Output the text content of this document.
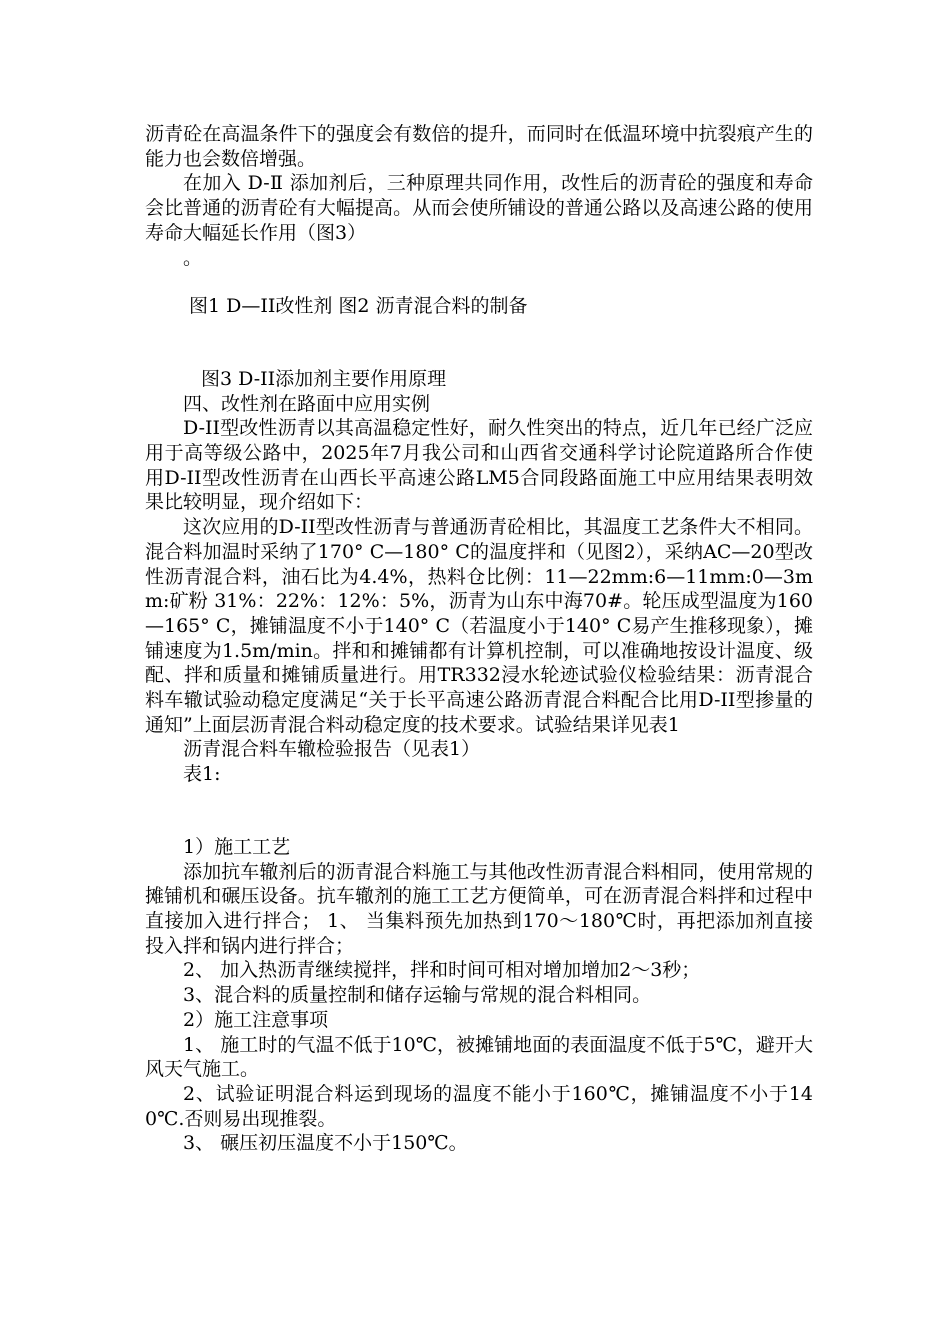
沥青砼在高温条件下的强度会有数倍的提升，而同时在低温环境中抗裂痕产生的能力也会数倍增强。

在加入 D-Ⅱ 添加剂后，三种原理共同作用，改性后的沥青砼的强度和寿命会比普通的沥青砼有大幅提高。从而会使所铺设的普通公路以及高速公路的使用寿命大幅延长作用（图3）

。

图1 D—II改性剂 图2 沥青混合料的制备

图3 D-II添加剂主要作用原理

四、改性剂在路面中应用实例

D-II型改性沥青以其高温稳定性好，耐久性突出的特点，近几年已经广泛应用于高等级公路中，2025年7月我公司和山西省交通科学讨论院道路所合作使用D-II型改性沥青在山西长平高速公路LM5合同段路面施工中应用结果表明效果比较明显，现介绍如下：

这次应用的D-II型改性沥青与普通沥青砼相比，其温度工艺条件大不相同。混合料加温时采纳了170° C—180° C的温度拌和（见图2），采纳AC—20型改性沥青混合料，油石比为4.4%，热料仓比例：11—22mm:6—11mm:0—3mm:矿粉 31%：22%：12%：5%，沥青为山东中海70#。轮压成型温度为160—165° C，摊铺温度不小于140° C（若温度小于140° C易产生推移现象），摊铺速度为1.5m/min。拌和和摊铺都有计算机控制，可以准确地按设计温度、级配、拌和质量和摊铺质量进行。用TR332浸水轮迹试验仪检验结果：沥青混合料车辙试验动稳定度满足“关于长平高速公路沥青混合料配合比用D-II型掺量的通知”上面层沥青混合料动稳定度的技术要求。试验结果详见表1

沥青混合料车辙检验报告（见表1）

表1:

1）施工工艺

添加抗车辙剂后的沥青混合料施工与其他改性沥青混合料相同，使用常规的摊铺机和碾压设备。抗车辙剂的施工工艺方便简单，可在沥青混合料拌和过程中直接加入进行拌合； 1、 当集料预先加热到170～180℃时，再把添加剂直接投入拌和锅内进行拌合；

2、 加入热沥青继续搅拌，拌和时间可相对增加增加2～3秒；

3、混合料的质量控制和储存运输与常规的混合料相同。

2）施工注意事项

1、 施工时的气温不低于10℃，被摊铺地面的表面温度不低于5℃，避开大风天气施工。

2、试验证明混合料运到现场的温度不能小于160℃，摊铺温度不小于140℃.否则易出现推裂。

3、 碾压初压温度不小于150℃。
